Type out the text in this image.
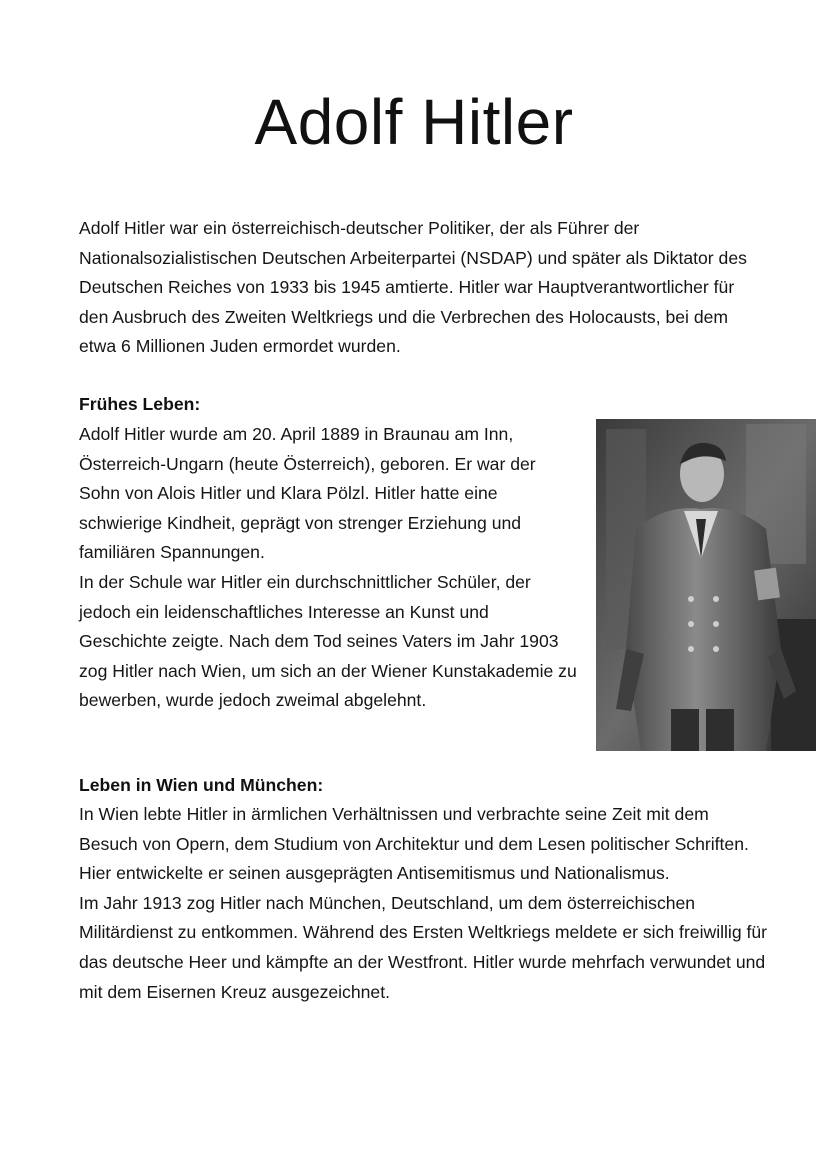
Adolf Hitler

Adolf Hitler war ein österreichisch-deutscher Politiker, der als Führer der Nationalsozialistischen Deutschen Arbeiterpartei (NSDAP) und später als Diktator des Deutschen Reiches von 1933 bis 1945 amtierte. Hitler war Hauptverantwortlicher für den Ausbruch des Zweiten Weltkriegs und die Verbrechen des Holocausts, bei dem etwa 6 Millionen Juden ermordet wurden.

Frühes Leben:
Adolf Hitler wurde am 20. April 1889 in Braunau am Inn, Österreich-Ungarn (heute Österreich), geboren. Er war der Sohn von Alois Hitler und Klara Pölzl. Hitler hatte eine schwierige Kindheit, geprägt von strenger Erziehung und familiären Spannungen.
In der Schule war Hitler ein durchschnittlicher Schüler, der jedoch ein leidenschaftliches Interesse an Kunst und Geschichte zeigte. Nach dem Tod seines Vaters im Jahr 1903 zog Hitler nach Wien, um sich an der Wiener Kunstakademie zu bewerben, wurde jedoch zweimal abgelehnt.
Leben in Wien und München:
In Wien lebte Hitler in ärmlichen Verhältnissen und verbrachte seine Zeit mit dem Besuch von Opern, dem Studium von Architektur und dem Lesen politischer Schriften. Hier entwickelte er seinen ausgeprägten Antisemitismus und Nationalismus.
Im Jahr 1913 zog Hitler nach München, Deutschland, um dem österreichischen Militärdienst zu entkommen. Während des Ersten Weltkriegs meldete er sich freiwillig für das deutsche Heer und kämpfte an der Westfront. Hitler wurde mehrfach verwundet und mit dem Eisernen Kreuz ausgezeichnet.
